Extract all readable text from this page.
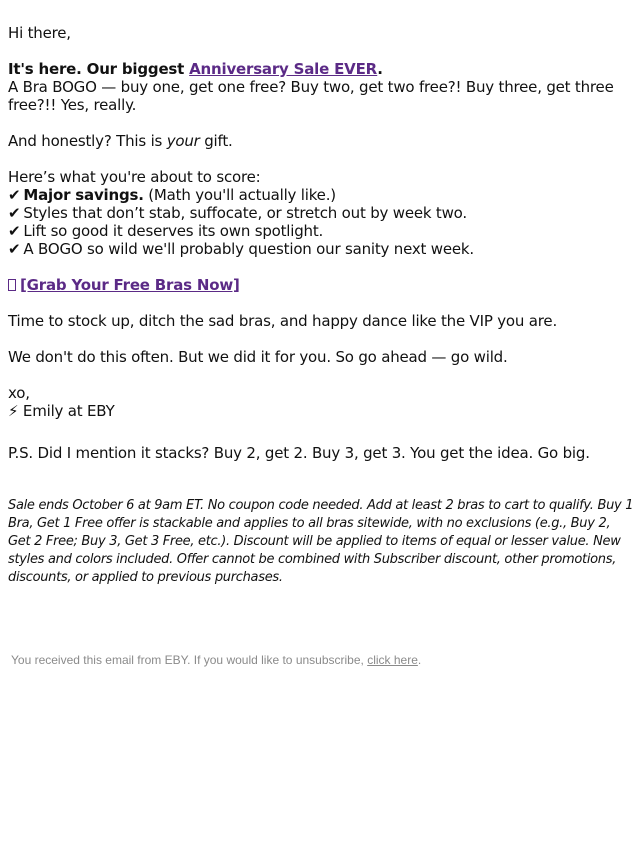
Hi there,

It's here. Our biggest Anniversary Sale EVER.

A Bra BOGO — buy one, get one free? Buy two, get two free?! Buy three, get three free?!! Yes, really.

And honestly? This is your gift.

Here’s what you're about to score:

✔ Major savings. (Math you'll actually like.)

✔ Styles that don’t stab, suffocate, or stretch out by week two.

✔ Lift so good it deserves its own spotlight.

✔ A BOGO so wild we'll probably question our sanity next week.

[Grab Your Free Bras Now]

Time to stock up, ditch the sad bras, and happy dance like the VIP you are.

We don't do this often. But we did it for you. So go ahead — go wild.

xo,

⚡ Emily at EBY

P.S. Did I mention it stacks? Buy 2, get 2. Buy 3, get 3. You get the idea. Go big.

Sale ends October 6 at 9am ET. No coupon code needed. Add at least 2 bras to cart to qualify. Buy 1 Bra, Get 1 Free offer is stackable and applies to all bras sitewide, with no exclusions (e.g., Buy 2, Get 2 Free; Buy 3, Get 3 Free, etc.). Discount will be applied to items of equal or lesser value. New styles and colors included. Offer cannot be combined with Subscriber discount, other promotions, discounts, or applied to previous purchases.

You received this email from EBY. If you would like to unsubscribe, click here.
